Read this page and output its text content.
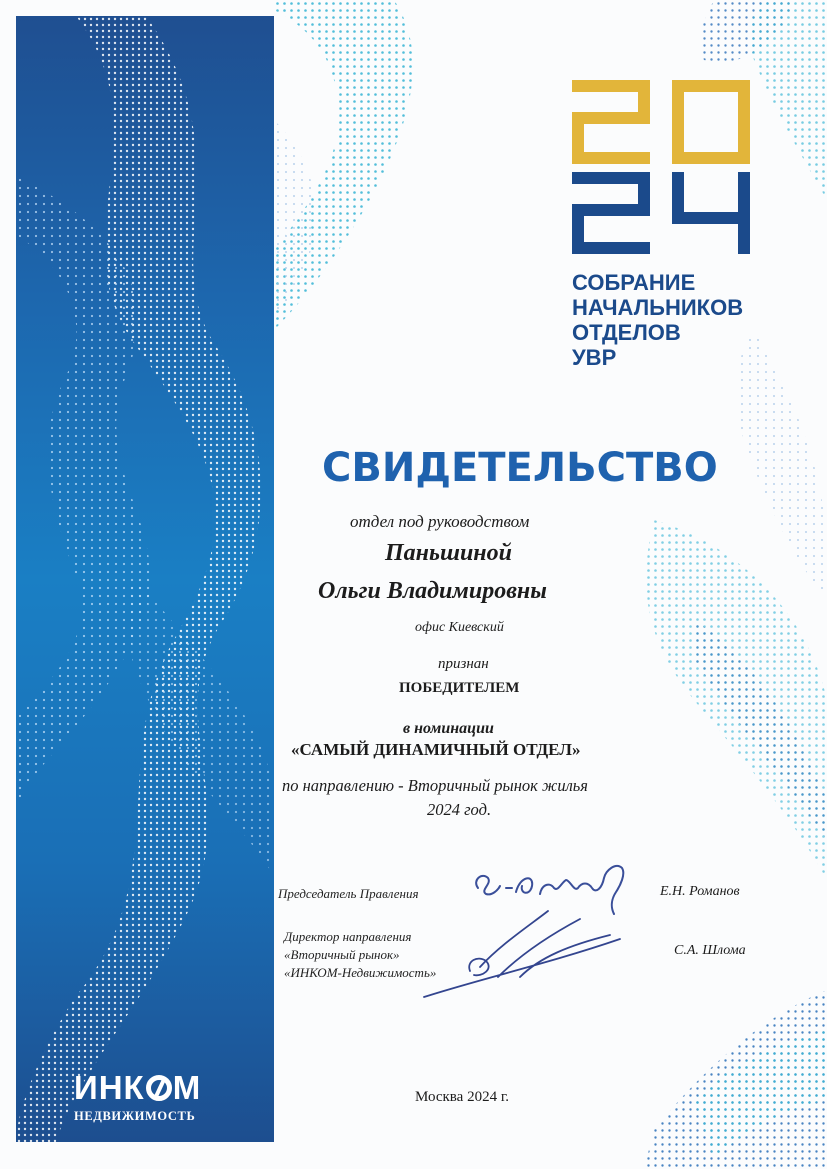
ИНК М
НЕДВИЖИМОСТЬ
20
СОБРАНИЕ
НАЧАЛЬНИКОВ
ОТДЕЛОВ
УВР
СВИДЕТЕЛЬСТВО
отдел под руководством
Паньшиной
Ольги Владимировны
офис Киевский
признан
ПОБЕДИТЕЛЕМ
в номинации
«САМЫЙ ДИНАМИЧНЫЙ ОТДЕЛ»
по направлению - Вторичный рынок жилья
2024 год.
Председатель Правления	Е.Н. Романов
Директор направления
«Вторичный рынок»
«ИНКОМ-Недвижимость»
С.А. Шлома
Москва 2024 г.
